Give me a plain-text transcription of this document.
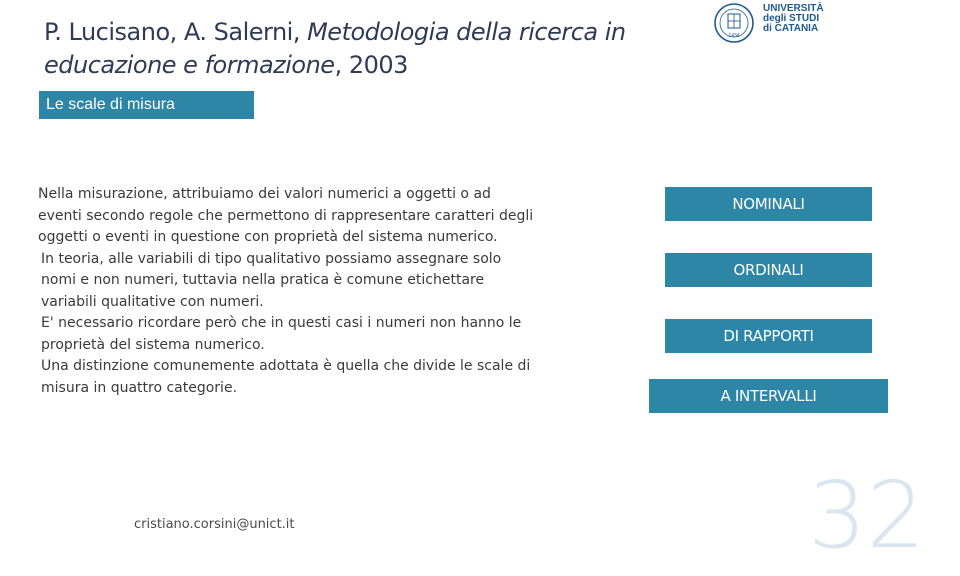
P. Lucisano, A. Salerni, Metodologia della ricerca in educazione e formazione, 2003
1434
UNIVERSITÀ
degli STUDI
di CATANIA
Le scale di misura

Nella misurazione, attribuiamo dei valori numerici a oggetti o ad eventi secondo regole che permettono di rappresentare caratteri degli oggetti o eventi in questione con proprietà del sistema numerico.

In teoria, alle variabili di tipo qualitativo possiamo assegnare solo nomi e non numeri, tuttavia nella pratica è comune etichettare variabili qualitative con numeri.

E' necessario ricordare però che in questi casi i numeri non hanno le proprietà del sistema numerico.

Una distinzione comunemente adottata è quella che divide le scale di misura in quattro categorie.

NOMINALI
ORDINALI
DI RAPPORTI
A INTERVALLI
cristiano.corsini@unict.it	32
